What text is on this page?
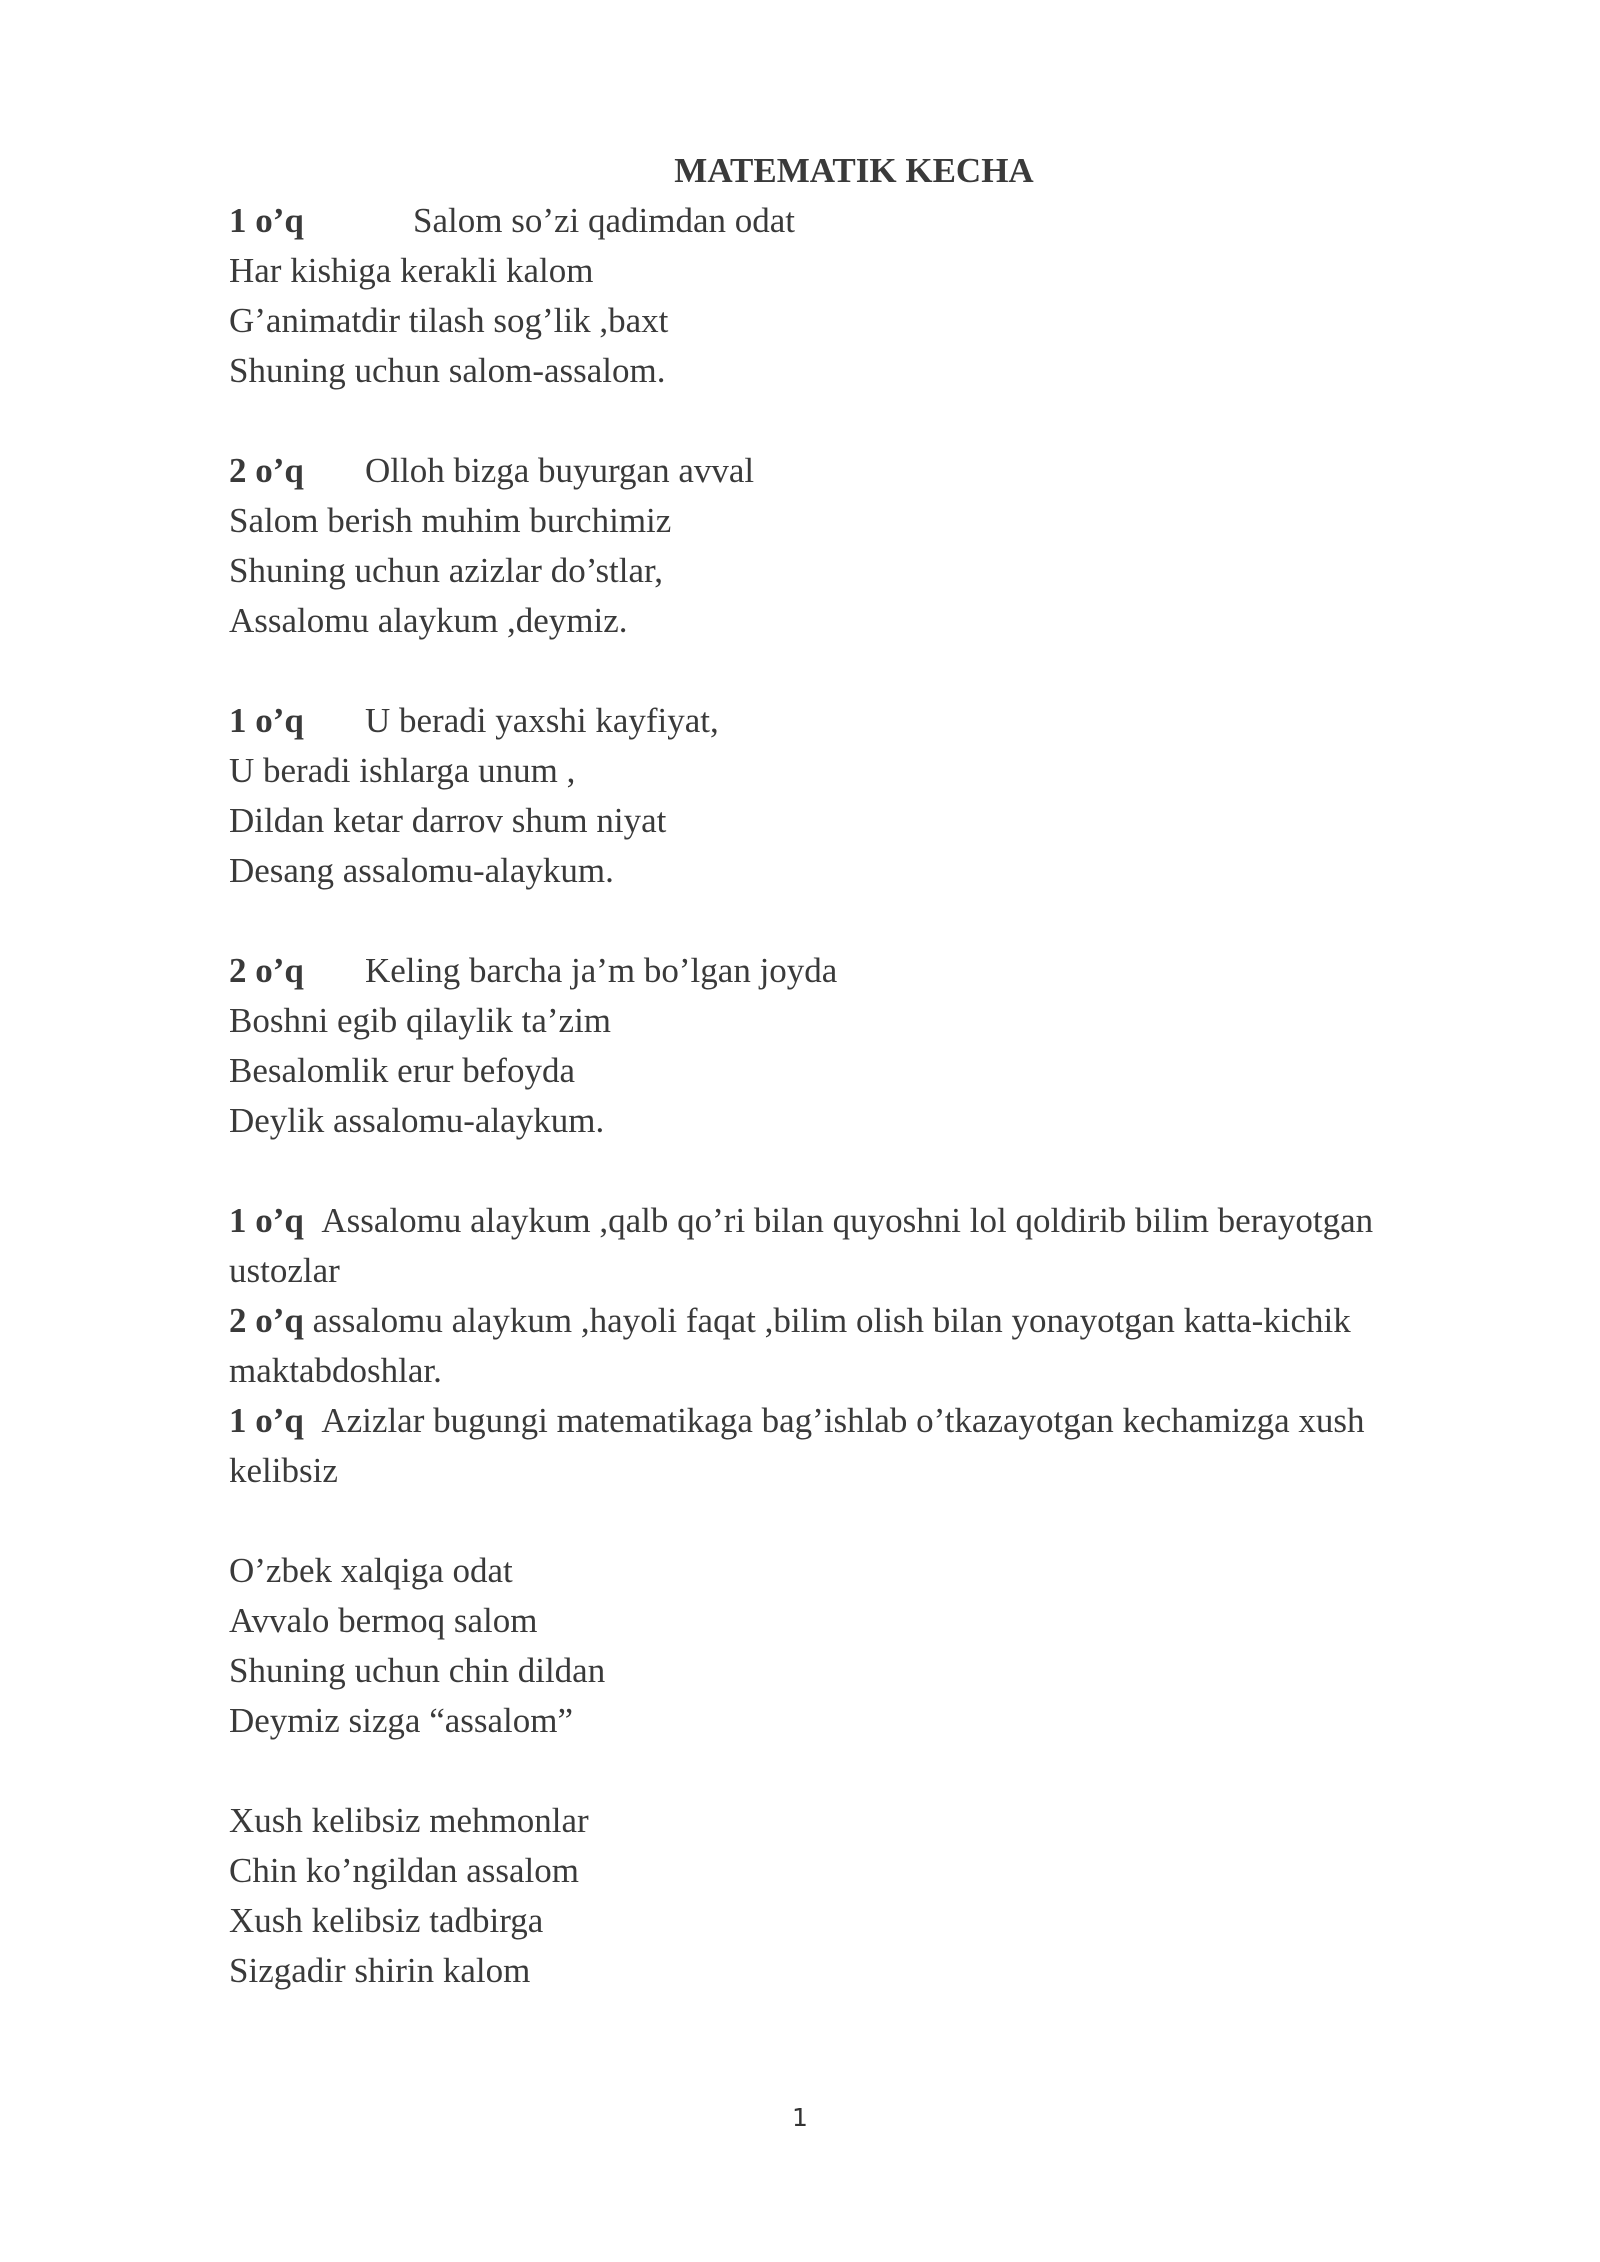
MATEMATIK KECHA
1 o’q	Salom so’zi qadimdan odat
Har kishiga kerakli kalom
G’animatdir tilash sog’lik ,baxt
Shuning uchun salom-assalom.
2 o’q Olloh bizga buyurgan avval
Salom berish muhim burchimiz
Shuning uchun azizlar do’stlar,
Assalomu alaykum ,deymiz.
1 o’q U beradi yaxshi kayfiyat,
U beradi ishlarga unum ,
Dildan ketar darrov shum niyat
Desang assalomu-alaykum.
2 o’q Keling barcha ja’m bo’lgan joyda
Boshni egib qilaylik ta’zim
Besalomlik erur befoyda
Deylik assalomu-alaykum.
1 o’q Assalomu alaykum ,qalb qo’ri bilan quyoshni lol qoldirib bilim berayotgan
ustozlar
2 o’q assalomu alaykum ,hayoli faqat ,bilim olish bilan yonayotgan katta-kichik
maktabdoshlar.
1 o’q Azizlar bugungi matematikaga bag’ishlab o’tkazayotgan kechamizga xush
kelibsiz
O’zbek xalqiga odat
Avvalo bermoq salom
Shuning uchun chin dildan
Deymiz sizga “assalom”
Xush kelibsiz mehmonlar
Chin ko’ngildan assalom
Xush kelibsiz tadbirga
Sizgadir shirin kalom
1
